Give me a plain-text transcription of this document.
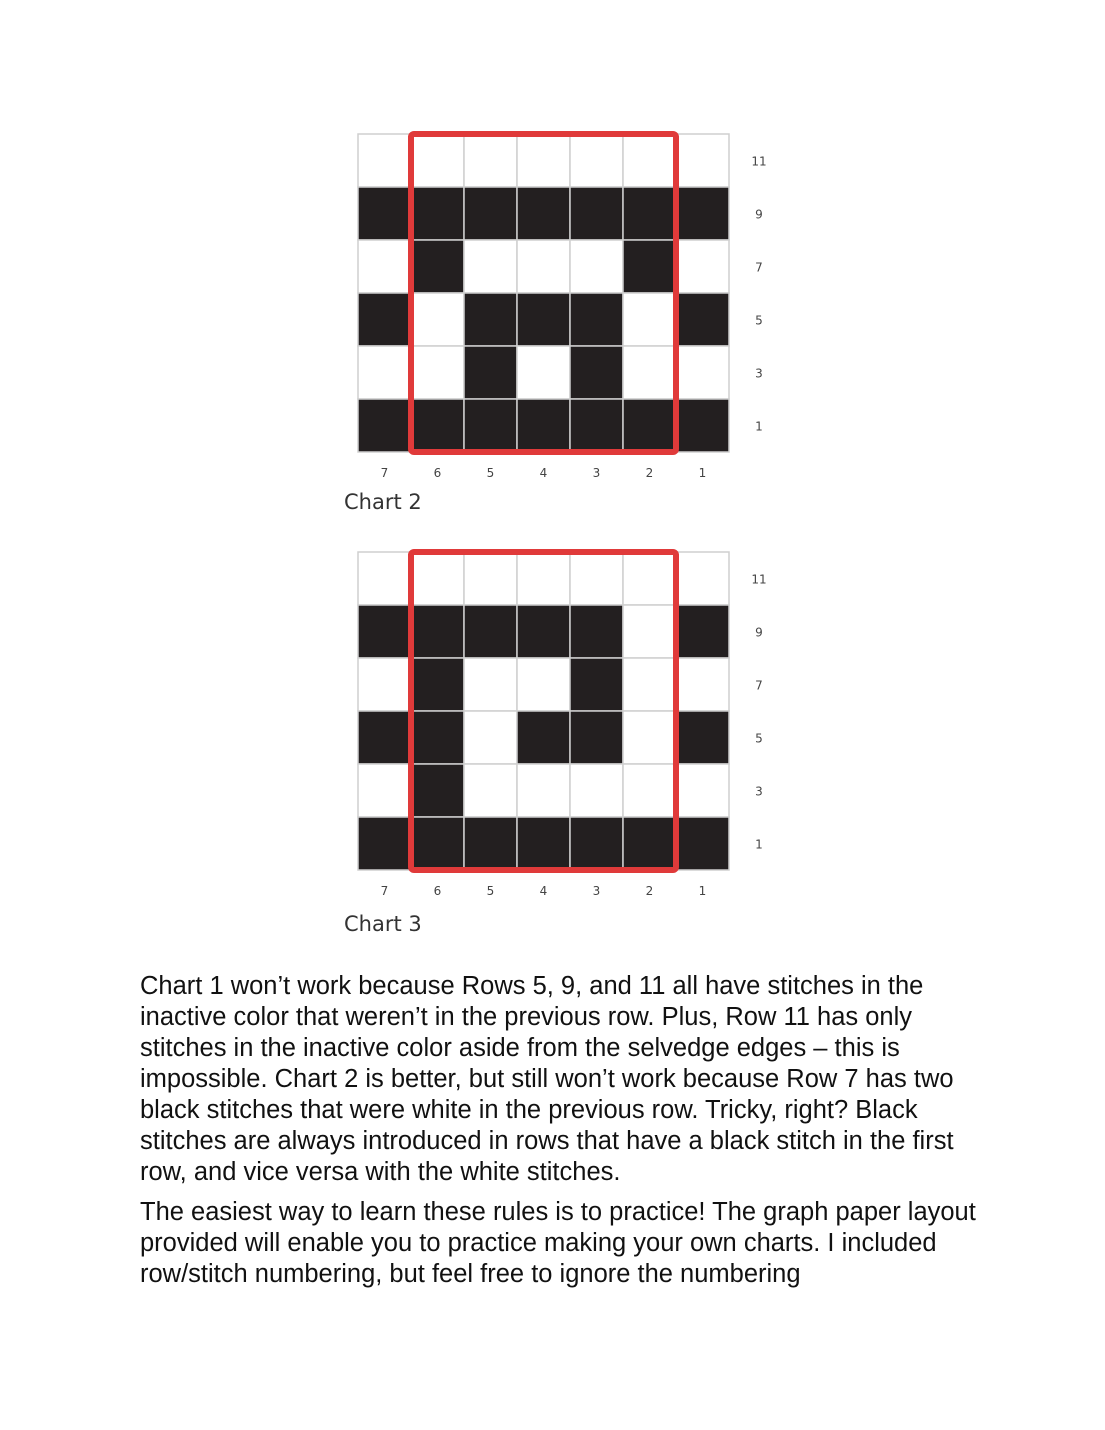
11
9
7
5
3
1
7	6	5	4	3	2	1
Chart 2
11
9
7
5
3
1
7	6	5	4	3	2	1
Chart 3

Chart 1 won’t work because Rows 5, 9, and 11 all have stitches in the inactive color that weren’t in the previous row. Plus, Row 11 has only stitches in the inactive color aside from the selvedge edges – this is impossible. Chart 2 is better, but still won’t work because Row 7 has two black stitches that were white in the previous row. Tricky, right? Black stitches are always introduced in rows that have a black stitch in the first row, and vice versa with the white stitches.

The easiest way to learn these rules is to practice! The graph paper layout provided will enable you to practice making your own charts. I included row/stitch numbering, but feel free to ignore the numbering
